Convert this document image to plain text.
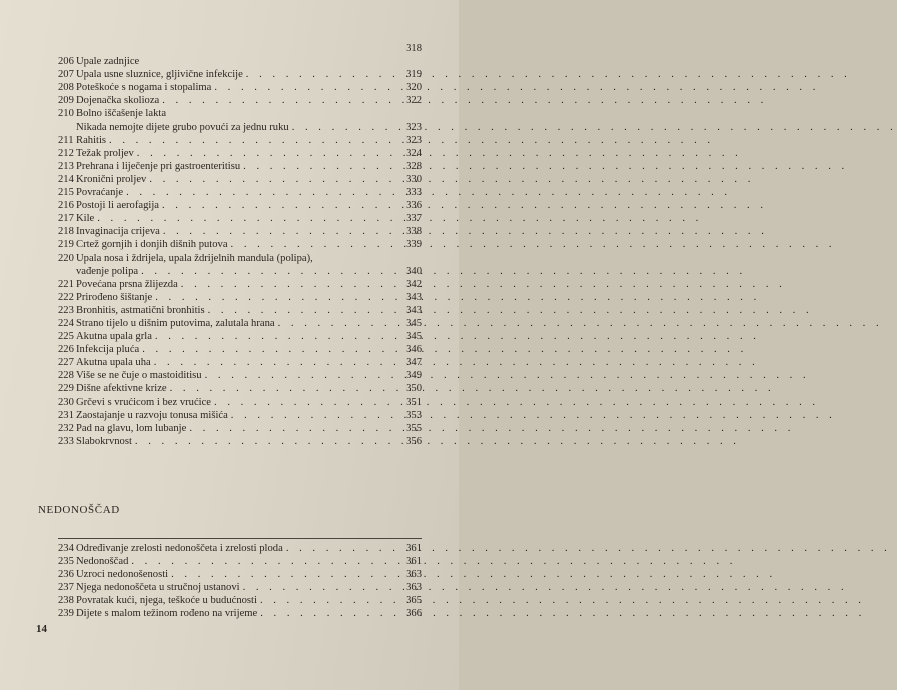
318
206 Upale zadnjice
207 Upala usne sluznice, gljivične infekcije . . .	319
208 Poteškoće s nogama i stopalima . . .	320
209 Dojenačka skolioza . . .	322
210 Bolno iščašenje lakta
Nikada nemojte dijete grubo povući za jednu ruku . . .	323
211 Rahitis . . .	323
212 Težak proljev . . .	324
213 Prehrana i liječenje pri gastroenteritisu . . .	328
214 Kronični proljev . . .	330
215 Povraćanje . . .	333
216 Postoji li aerofagija . . .	336
217 Kile . . .	337
218 Invaginacija crijeva . . .	338
219 Crtež gornjih i donjih dišnih putova . . .	339
220 Upala nosa i ždrijela, upala ždrijelnih mandula (polipa),
vađenje polipa . . .	340
221 Povećana prsna žlijezda . . .	342
222 Prirođeno šištanje . . .	343
223 Bronhitis, astmatični bronhitis . . .	343
224 Strano tijelo u dišnim putovima, zalutala hrana . . .	345
225 Akutna upala grla . . .	345
226 Infekcija pluća . . .	346
227 Akutna upala uha . . .	347
228 Više se ne čuje o mastoiditisu . . .	349
229 Dišne afektivne krize . . .	350
230 Grčevi s vrućicom i bez vrućice . . .	351
231 Zaostajanje u razvoju tonusa mišića . . .	353
232 Pad na glavu, lom lubanje . . .	355
233 Slabokrvnost . . .	356
NEDONOŠČAD
234 Određivanje zrelosti nedonoščeta i zrelosti ploda . . .	361
235 Nedonoščad . . .	361
236 Uzroci nedonošenosti . . .	363
237 Njega nedonoščeta u stručnoj ustanovi . . .	363
238 Povratak kući, njega, teškoće u budućnosti . . .	365
239 Dijete s malom težinom rođeno na vrijeme . . .	366
14
